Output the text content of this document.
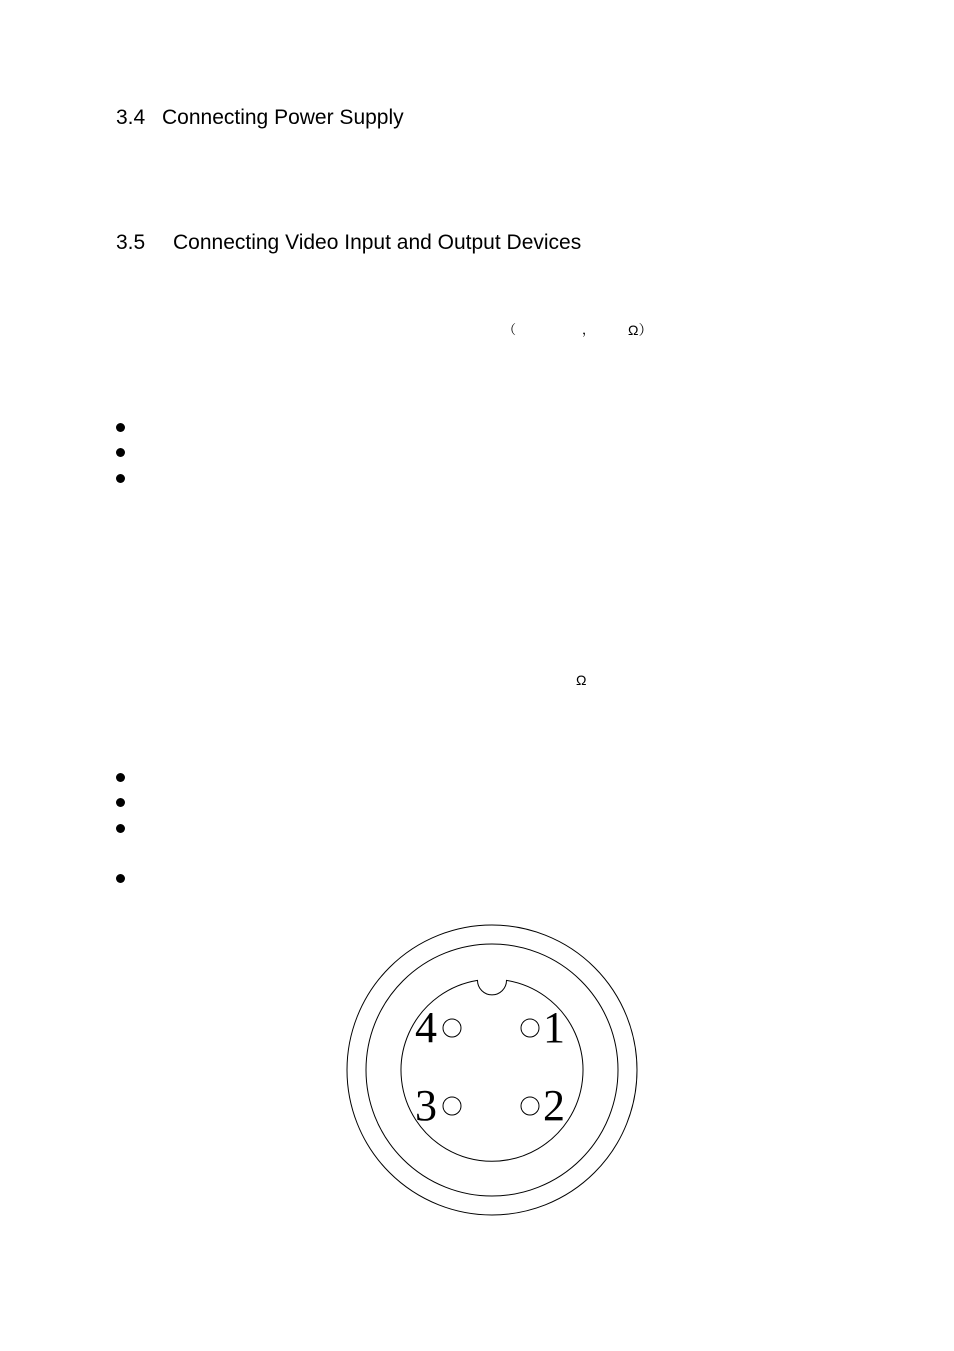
3.4 Connecting Power Supply
3.5 Connecting Video Input and Output Devices
（	， Ω）
Ω
1
2
3
4
